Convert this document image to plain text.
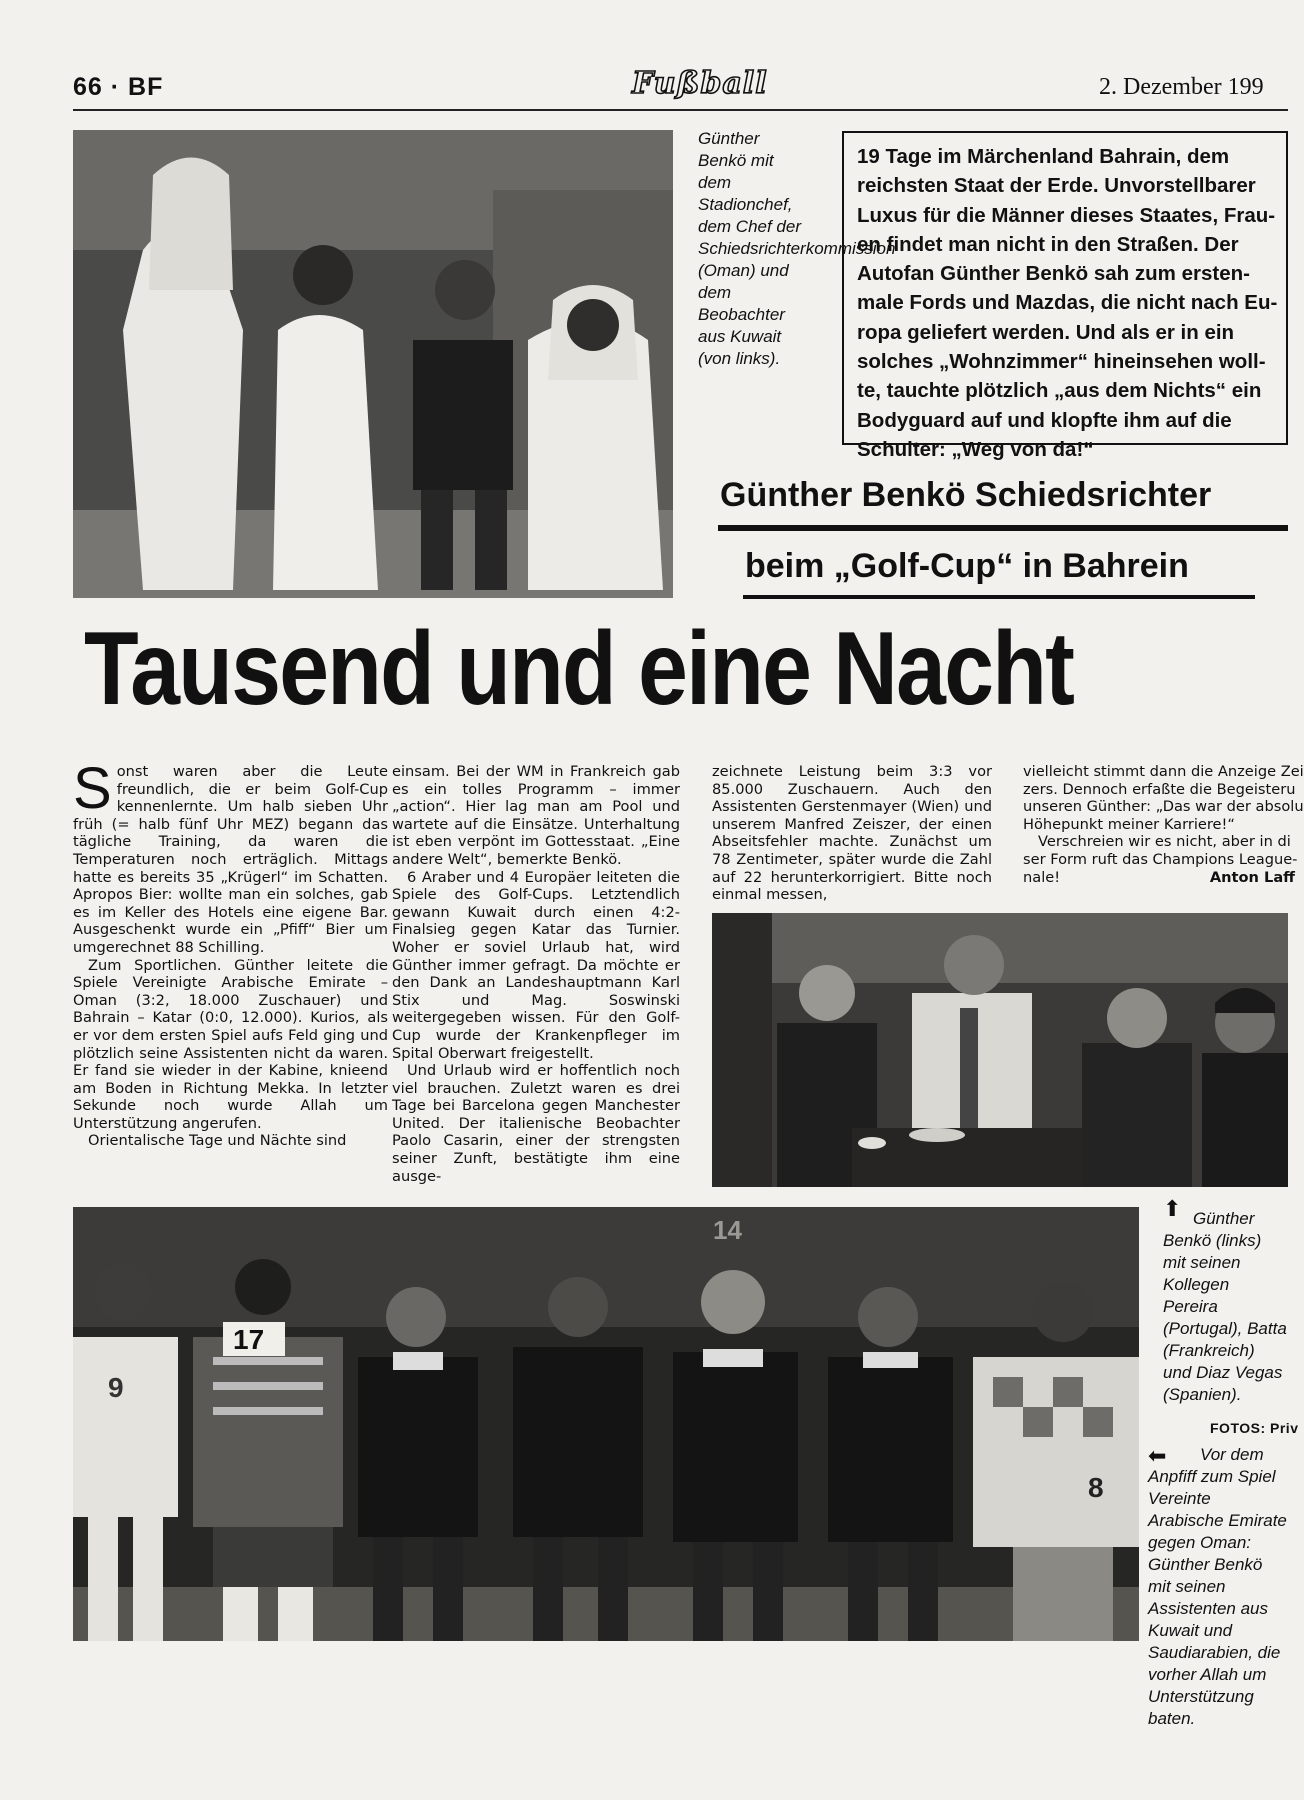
66 · BF	Fußball	2. Dezember 199
Günther Benkö mit dem Stadionchef, dem Chef der Schiedsrichterkommission (Oman) und dem Beobachter aus Kuwait (von links).

19 Tage im Märchenland Bahrain, dem

reichsten Staat der Erde. Unvorstellbarer

Luxus für die Männer dieses Staates, Frau-

en findet man nicht in den Straßen. Der

Autofan Günther Benkö sah zum ersten-

male Fords und Mazdas, die nicht nach Eu-

ropa geliefert werden. Und als er in ein

solches „Wohnzimmer“ hineinsehen woll-

te, tauchte plötzlich „aus dem Nichts“ ein

Bodyguard auf und klopfte ihm auf die

Schulter: „Weg von da!“

Günther Benkö Schiedsrichter
beim „Golf-Cup“ in Bahrein
Tausend und eine Nacht

Sonst waren aber die Leute freundlich, die er beim Golf-Cup kennenlernte. Um halb sieben Uhr früh (= halb fünf Uhr MEZ) begann das tägliche Training, da waren die Temperaturen noch erträglich. Mittags hatte es bereits 35 „Krügerl“ im Schatten. Apropos Bier: wollte man ein solches, gab es im Keller des Hotels eine eigene Bar. Ausgeschenkt wurde ein „Pfiff“ Bier um umgerechnet 88 Schilling.

Zum Sportlichen. Günther leitete die Spiele Vereinigte Arabische Emirate – Oman (3:2, 18.000 Zuschauer) und Bahrain – Katar (0:0, 12.000). Kurios, als er vor dem ersten Spiel aufs Feld ging und plötzlich seine Assistenten nicht da waren. Er fand sie wieder in der Kabine, knieend am Boden in Richtung Mekka. In letzter Sekunde noch wurde Allah um Unterstützung angerufen.

Orientalische Tage und Nächte sind

einsam. Bei der WM in Frankreich gab es ein tolles Programm – immer „action“. Hier lag man am Pool und wartete auf die Einsätze. Unterhaltung ist eben verpönt im Gottesstaat. „Eine andere Welt“, bemerkte Benkö.

6 Araber und 4 Europäer leiteten die Spiele des Golf-Cups. Letztendlich gewann Kuwait durch einen 4:2-Finalsieg gegen Katar das Turnier. Woher er soviel Urlaub hat, wird Günther immer gefragt. Da möchte er den Dank an Landeshauptmann Karl Stix und Mag. Soswinski weitergegeben wissen. Für den Golf-Cup wurde der Krankenpfleger im Spital Oberwart freigestellt.

Und Urlaub wird er hoffentlich noch viel brauchen. Zuletzt waren es drei Tage bei Barcelona gegen Manchester United. Der italienische Beobachter Paolo Casarin, einer der strengsten seiner Zunft, bestätigte ihm eine ausge-

zeichnete Leistung beim 3:3 vor 85.000 Zuschauern. Auch den Assistenten Gerstenmayer (Wien) und unserem Manfred Zeiszer, der einen Abseitsfehler machte. Zunächst um 78 Zentimeter, später wurde die Zahl auf 22 herunterkorrigiert. Bitte noch einmal messen,

vielleicht stimmt dann die Anzeige Zei

zers. Dennoch erfaßte die Begeisteru

unseren Günther: „Das war der absolu

Höhepunkt meiner Karriere!“

Verschreien wir es nicht, aber in di

ser Form ruft das Champions League-

nale!	Anton Laff

9
17
14
8
⬆ Günther Benkö (links) mit seinen Kollegen Pereira (Portugal), Batta (Frankreich) und Diaz Vegas (Spanien).
FOTOS: Priv
⬅	Vor dem Anpfiff zum Spiel Vereinte Arabische Emirate gegen Oman: Günther Benkö mit seinen Assistenten aus Kuwait und Saudiarabien, die vorher Allah um Unterstützung baten.
